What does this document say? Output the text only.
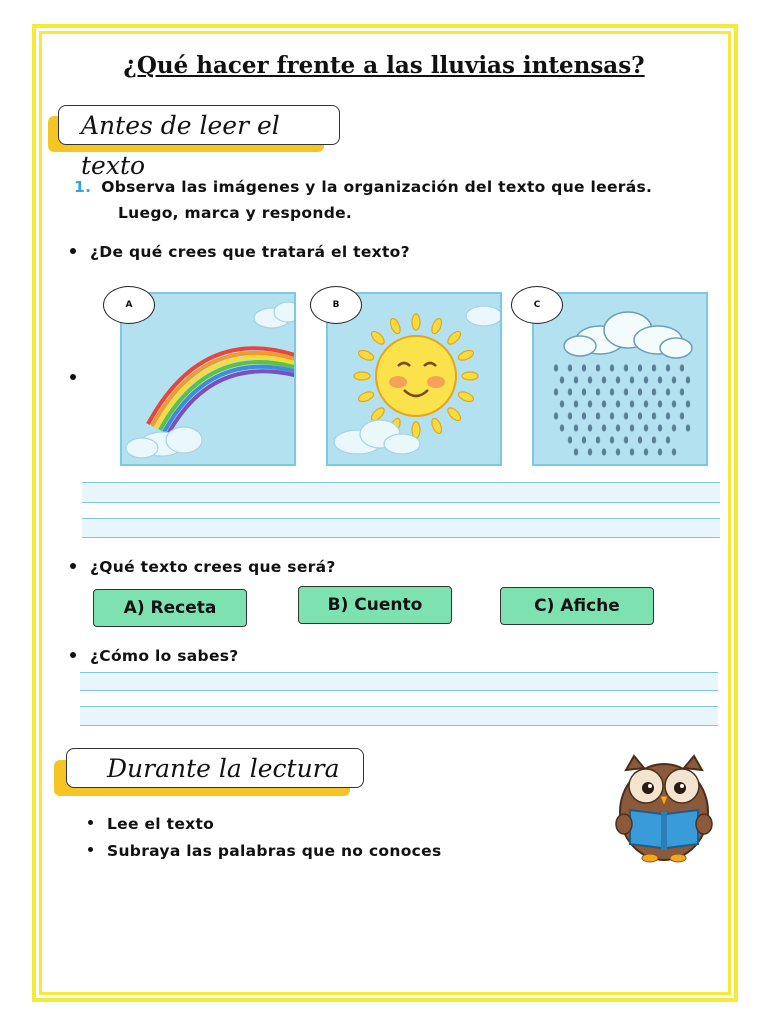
¿Qué hacer frente a las lluvias intensas?
Antes de leer el texto
1. Observa las imágenes y la organización del texto que leerás.
Luego, marca y responde.
¿De qué crees que tratará el texto?
A	B	C
¿Qué texto crees que será?
A) Receta	B) Cuento	C) Afiche
¿Cómo lo sabes?
Durante la lectura
Lee el texto
Subraya las palabras que no conoces
